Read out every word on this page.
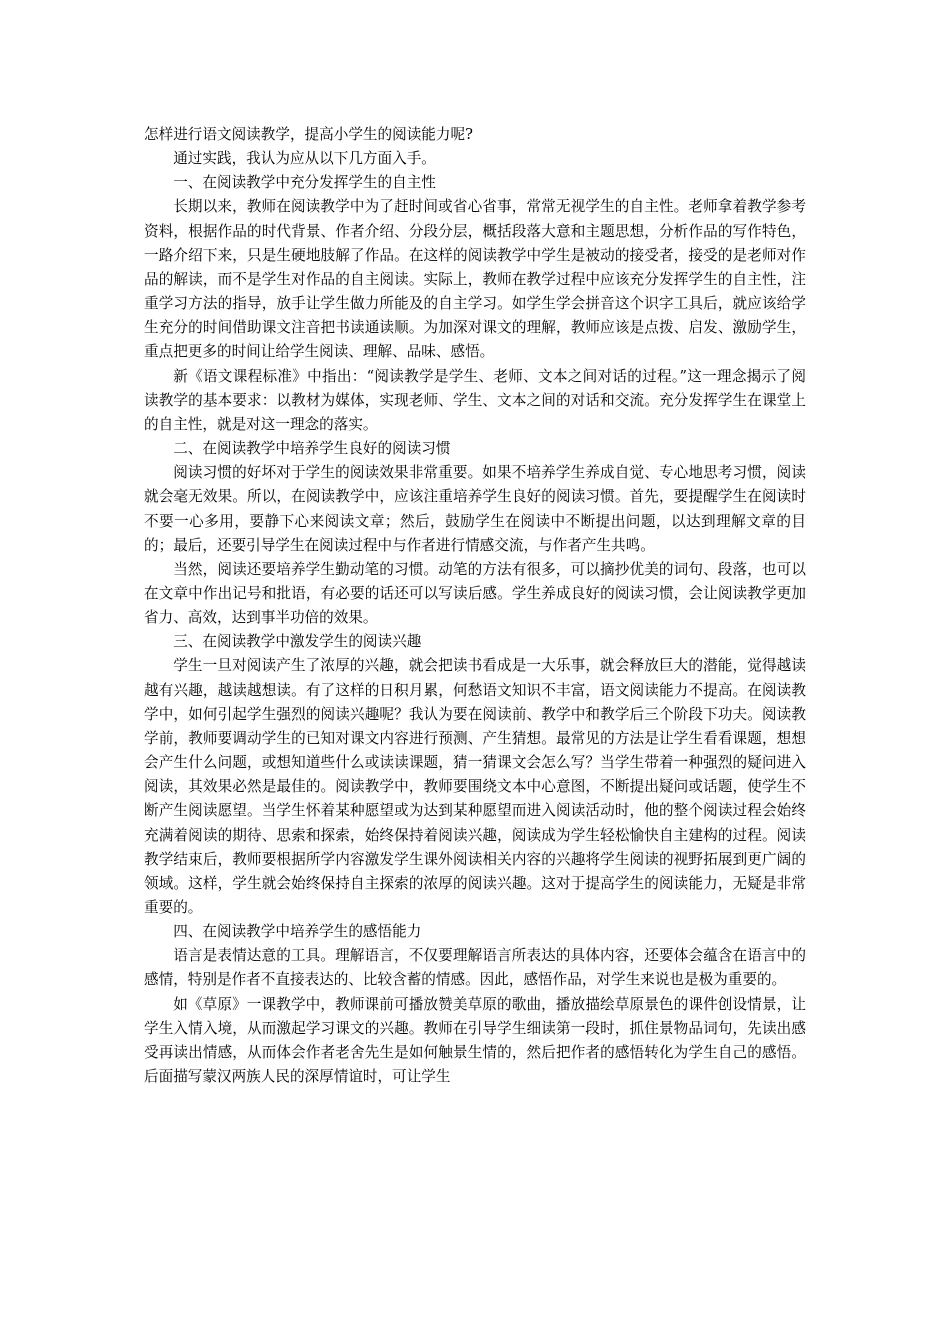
怎样进行语文阅读教学，提高小学生的阅读能力呢?

通过实践，我认为应从以下几方面入手。

一、在阅读教学中充分发挥学生的自主性

长期以来，教师在阅读教学中为了赶时间或省心省事，常常无视学生的自主性。老师拿着教学参考资料，根据作品的时代背景、作者介绍、分段分层，概括段落大意和主题思想，分析作品的写作特色，一路介绍下来，只是生硬地肢解了作品。在这样的阅读教学中学生是被动的接受者，接受的是老师对作品的解读，而不是学生对作品的自主阅读。实际上，教师在教学过程中应该充分发挥学生的自主性，注重学习方法的指导，放手让学生做力所能及的自主学习。如学生学会拼音这个识字工具后，就应该给学生充分的时间借助课文注音把书读通读顺。为加深对课文的理解，教师应该是点拨、启发、激励学生，重点把更多的时间让给学生阅读、理解、品味、感悟。

新《语文课程标准》中指出：“阅读教学是学生、老师、文本之间对话的过程。”这一理念揭示了阅读教学的基本要求：以教材为媒体，实现老师、学生、文本之间的对话和交流。充分发挥学生在课堂上的自主性，就是对这一理念的落实。

二、在阅读教学中培养学生良好的阅读习惯

阅读习惯的好坏对于学生的阅读效果非常重要。如果不培养学生养成自觉、专心地思考习惯，阅读就会毫无效果。所以，在阅读教学中，应该注重培养学生良好的阅读习惯。首先，要提醒学生在阅读时不要一心多用，要静下心来阅读文章；然后，鼓励学生在阅读中不断提出问题，以达到理解文章的目的；最后，还要引导学生在阅读过程中与作者进行情感交流，与作者产生共鸣。

当然，阅读还要培养学生勤动笔的习惯。动笔的方法有很多，可以摘抄优美的词句、段落，也可以在文章中作出记号和批语，有必要的话还可以写读后感。学生养成良好的阅读习惯，会让阅读教学更加省力、高效，达到事半功倍的效果。

三、在阅读教学中激发学生的阅读兴趣

学生一旦对阅读产生了浓厚的兴趣，就会把读书看成是一大乐事，就会释放巨大的潜能，觉得越读越有兴趣，越读越想读。有了这样的日积月累，何愁语文知识不丰富，语文阅读能力不提高。在阅读教学中，如何引起学生强烈的阅读兴趣呢？我认为要在阅读前、教学中和教学后三个阶段下功夫。阅读教学前，教师要调动学生的已知对课文内容进行预测、产生猜想。最常见的方法是让学生看看课题，想想会产生什么问题，或想知道些什么或读读课题，猜一猜课文会怎么写？当学生带着一种强烈的疑问进入阅读，其效果必然是最佳的。阅读教学中，教师要围绕文本中心意图，不断提出疑问或话题，使学生不断产生阅读愿望。当学生怀着某种愿望或为达到某种愿望而进入阅读活动时，他的整个阅读过程会始终充满着阅读的期待、思索和探索，始终保持着阅读兴趣，阅读成为学生轻松愉快自主建构的过程。阅读教学结束后，教师要根据所学内容激发学生课外阅读相关内容的兴趣将学生阅读的视野拓展到更广阔的领域。这样，学生就会始终保持自主探索的浓厚的阅读兴趣。这对于提高学生的阅读能力，无疑是非常重要的。

四、在阅读教学中培养学生的感悟能力

语言是表情达意的工具。理解语言，不仅要理解语言所表达的具体内容，还要体会蕴含在语言中的感情，特别是作者不直接表达的、比较含蓄的情感。因此，感悟作品，对学生来说也是极为重要的。

如《草原》一课教学中，教师课前可播放赞美草原的歌曲，播放描绘草原景色的课件创设情景，让学生入情入境，从而激起学习课文的兴趣。教师在引导学生细读第一段时，抓住景物品词句，先读出感受再读出情感，从而体会作者老舍先生是如何触景生情的，然后把作者的感悟转化为学生自己的感悟。后面描写蒙汉两族人民的深厚情谊时，可让学生
